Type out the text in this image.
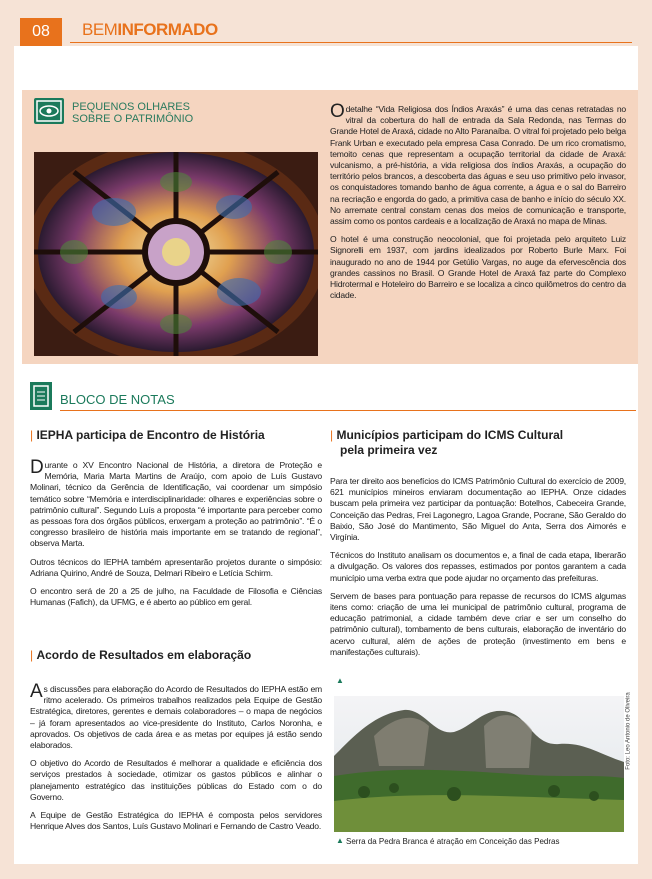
08	BEMINFORMADO
PEQUENOS OLHARES
SOBRE O PATRIMÔNIO	O detalhe “Vida Religiosa dos Índios Araxás” é uma das cenas retratadas no vitral da cobertura do hall de entrada da Sala Redonda, nas Termas do Grande Hotel de Araxá, cidade no Alto Paranaíba. O vitral foi projetado pelo belga Frank Urban e executado pela empresa Casa Conrado. De um rico cromatismo, temoito cenas que representam a ocupação territorial da cidade de Araxá: vulcanismo, a pré-história, a vida religiosa dos índios Araxás, a ocupação do território pelos brancos, a descoberta das águas e seu uso primitivo pelo invasor, os conquistadores tomando banho de água corrente, a água e o sal do Barreiro na recriação e engorda do gado, a primitiva casa de banho e início do século XX. No arremate central constam cenas dos meios de comunicação e transporte, assim como os pontos cardeais e a localização de Araxá no mapa de Minas.

O hotel é uma construção neocolonial, que foi projetada pelo arquiteto Luiz Signorelli em 1937, com jardins idealizados por Roberto Burle Marx. Foi inaugurado no ano de 1944 por Getúlio Vargas, no auge da efervescência dos grandes cassinos no Brasil. O Grande Hotel de Araxá faz parte do Complexo Hidrotermal e Hoteleiro do Barreiro e se localiza a cinco quilômetros do centro da cidade.

BLOCO DE NOTAS
| IEPHA participa de Encontro de História

Durante o XV Encontro Nacional de História, a diretora de Proteção e Memória, Maria Marta Martins de Araújo, com apoio de Luís Gustavo Molinari, técnico da Gerência de Identificação, vai coordenar um simpósio temático sobre “Memória e interdisciplinaridade: olhares e experiências sobre o patrimônio cultural”. Segundo Luís a proposta “é importante para perceber como as pessoas fora dos órgãos públicos, enxergam a proteção ao patrimônio”. “É o congresso brasileiro de história mais importante em se tratando de regional”, observa Marta.

Outros técnicos do IEPHA também apresentarão projetos durante o simpósio: Adriana Quirino, André de Souza, Delmari Ribeiro e Letícia Schirm.

O encontro será de 20 a 25 de julho, na Faculdade de Filosofia e Ciências Humanas (Fafich), da UFMG, e é aberto ao público em geral.

| Acordo de Resultados em elaboração

As discussões para elaboração do Acordo de Resultados do IEPHA estão em ritmo acelerado. Os primeiros trabalhos realizados pela Equipe de Gestão Estratégica, diretores, gerentes e demais colaboradores – o mapa de negócios – já foram apresentados ao vice-presidente do Instituto, Carlos Noronha, e aprovados. Os objetivos de cada área e as metas por equipes já estão sendo elaborados.

O objetivo do Acordo de Resultados é melhorar a qualidade e eficiência dos serviços prestados à sociedade, otimizar os gastos públicos e alinhar o planejamento estratégico das instituições públicas do Estado com o do Governo.

A Equipe de Gestão Estratégica do IEPHA é composta pelos servidores Henrique Alves dos Santos, Luís Gustavo Molinari e Fernando de Castro Veado.

| Municípios participam do ICMS Cultural
pela primeira vez

Para ter direito aos benefícios do ICMS Patrimônio Cultural do exercício de 2009, 621 municípios mineiros enviaram documentação ao IEPHA. Onze cidades buscam pela primeira vez participar da pontuação: Botelhos, Cabeceira Grande, Conceição das Pedras, Frei Lagonegro, Lagoa Grande, Pocrane, São Geraldo do Baixio, São José do Mantimento, São Miguel do Anta, Serra dos Aimorés e Virgínia.

Técnicos do Instituto analisam os documentos e, a final de cada etapa, liberarão a divulgação. Os valores dos repasses, estimados por pontos garantem a cada município uma verba extra que pode ajudar no orçamento das prefeituras.

Servem de bases para pontuação para repasse de recursos do ICMS algumas itens como: criação de uma lei municipal de patrimônio cultural, programa de educação patrimonial, a cidade também deve criar e ser um conselho do patrimônio cultural), tombamento de bens culturais, elaboração de inventário do acervo cultural, além de ações de proteção (investimento em bens e manifestações culturais).

▲
Foto: Leo Antonio de Oliveira
▲ Serra da Pedra Branca é atração em Conceição das Pedras
